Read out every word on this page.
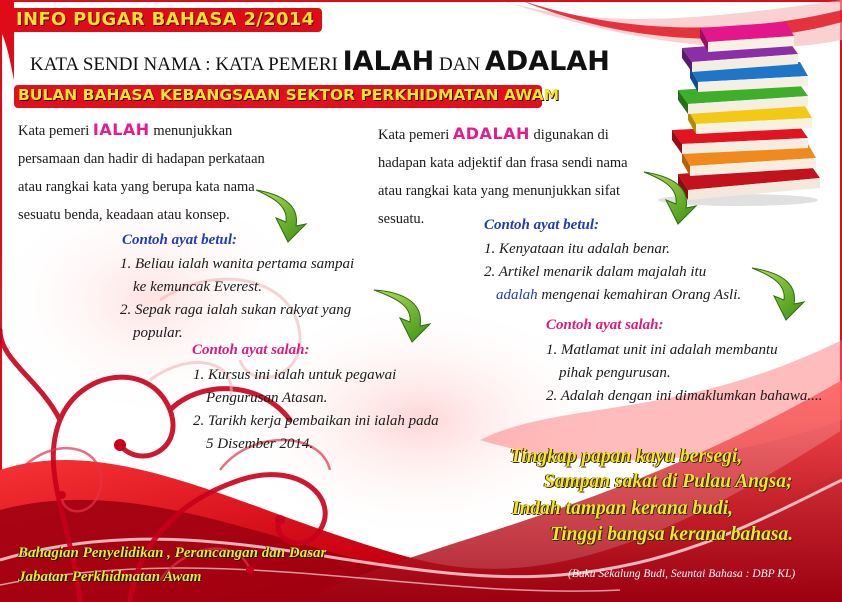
INFO PUGAR BAHASA 2/2014
KATA SENDI NAMA : KATA PEMERI IALAH DAN ADALAH
BULAN BAHASA KEBANGSAAN SEKTOR PERKHIDMATAN AWAM
Kata pemeri IALAH menunjukkan
persamaan dan hadir di hadapan perkataan
atau rangkai kata yang berupa kata nama
sesuatu benda, keadaan atau konsep.
Kata pemeri ADALAH digunakan di
hadapan kata adjektif dan frasa sendi nama
atau rangkai kata yang menunjukkan sifat
sesuatu.
Contoh ayat betul:
1. Beliau ialah wanita pertama sampai
ke kemuncak Everest.
2. Sepak raga ialah sukan rakyat yang
popular.
Contoh ayat salah:
1. Kursus ini ialah untuk pegawai
Pengurusan Atasan.
2. Tarikh kerja pembaikan ini ialah pada
5 Disember 2014.
Contoh ayat betul:
1. Kenyataan itu adalah benar.
2. Artikel menarik dalam majalah itu
adalah mengenai kemahiran Orang Asli.
Contoh ayat salah:
1. Matlamat unit ini adalah membantu
pihak pengurusan.
2. Adalah dengan ini dimaklumkan bahawa....
Tingkap papan kayu bersegi,
Sampan sakat di Pulau Angsa;
Indah tampan kerana budi,
Tinggi bangsa kerana bahasa.
(Buku Sekalung Budi, Seuntai Bahasa : DBP KL)
Bahagian Penyelidikan , Perancangan dan Dasar
Jabatan Perkhidmatan Awam
